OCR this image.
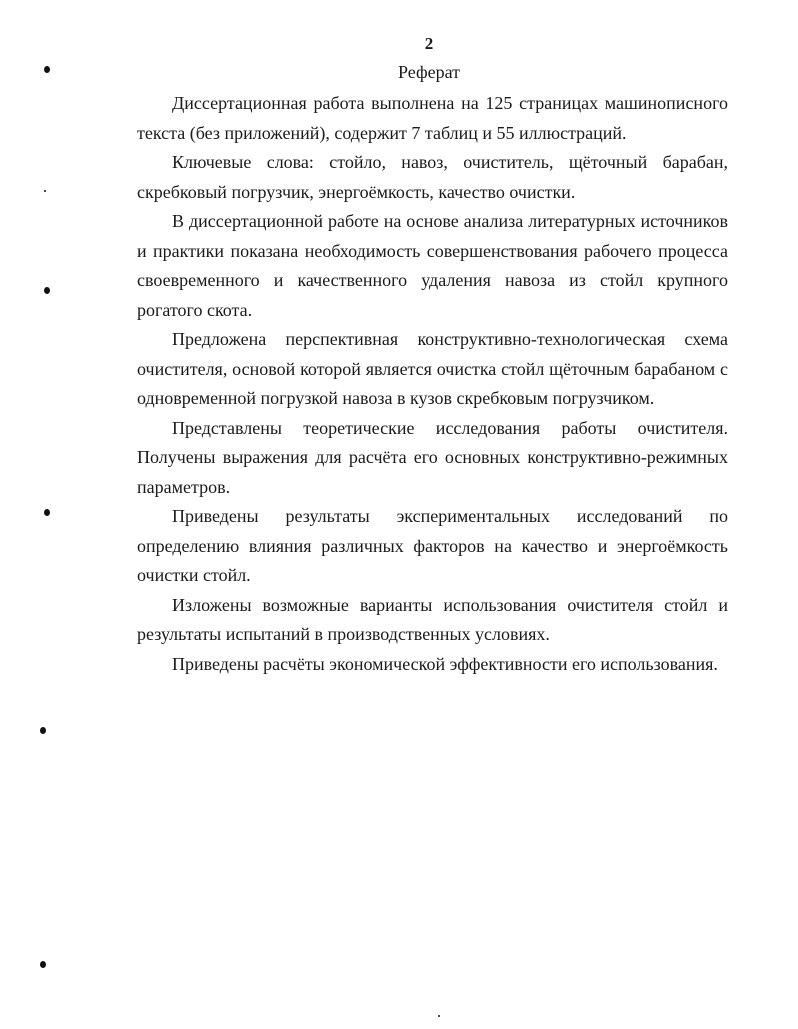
2
Реферат

Диссертационная работа выполнена на 125 страницах машинописного текста (без приложений), содержит 7 таблиц и 55 иллюстраций.

Ключевые слова: стойло, навоз, очиститель, щёточный барабан, скребковый погрузчик, энергоёмкость, качество очистки.

В диссертационной работе на основе анализа литературных источников и практики показана необходимость совершенствования рабочего процесса своевременного и качественного удаления навоза из стойл крупного рогатого скота.

Предложена перспективная конструктивно-технологическая схема очистителя, основой которой является очистка стойл щёточным барабаном с одновременной погрузкой навоза в кузов скребковым погрузчиком.

Представлены теоретические исследования работы очистителя. Получены выражения для расчёта его основных конструктивно-режимных параметров.

Приведены результаты экспериментальных исследований по определению влияния различных факторов на качество и энергоёмкость очистки стойл.

Изложены возможные варианты использования очистителя стойл и результаты испытаний в производственных условиях.

Приведены расчёты экономической эффективности его использования.
